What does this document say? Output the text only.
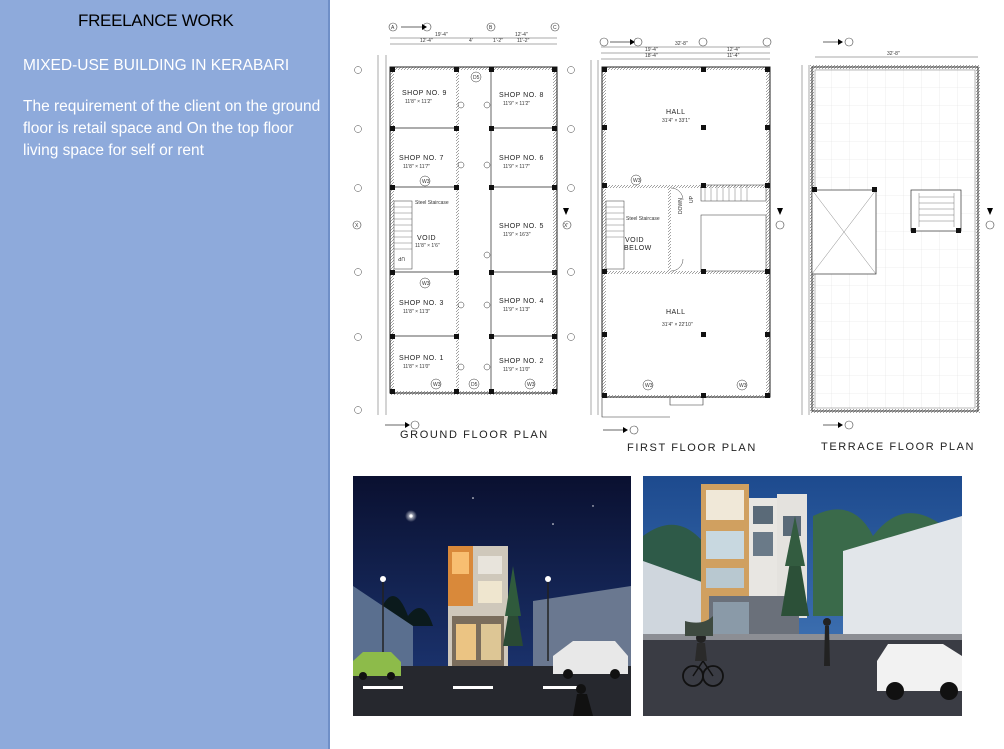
FREELANCE WORK
MIXED-USE BUILDING IN KERABARI
The requirement of the client on the ground floor is retail space and On the top floor living space for self or rent
19'-4"
12'-4"
12'-4"
4'	1'-2"	11'-2"
A	B	C
X
Steel Staircase
UP
SHOP NO. 9
11'8" × 11'2"
SHOP NO. 8
11'9" × 11'2"
SHOP NO. 7
11'8" × 11'7"
SHOP NO. 6
11'9" × 11'7"
SHOP NO. 5
11'9" × 16'3"
VOID
11'8" × 1'6"
SHOP NO. 3
11'8" × 11'3"
SHOP NO. 4
11'9" × 11'3"
SHOP NO. 1
11'8" × 11'0"
SHOP NO. 2
11'9" × 11'0"
D5
W3
W3
W3	D5	W3
X'
GROUND FLOOR PLAN
32'-8"
19'-4"
18'-4"
12'-4"
11'-4"
Steel Staircase
DOWN UP
HALL
31'4" × 33'1"
VOID
BELOW
HALL
31'4" × 22'10"
W3
W3	W3
FIRST FLOOR PLAN
32'-8"
TERRACE FLOOR PLAN
